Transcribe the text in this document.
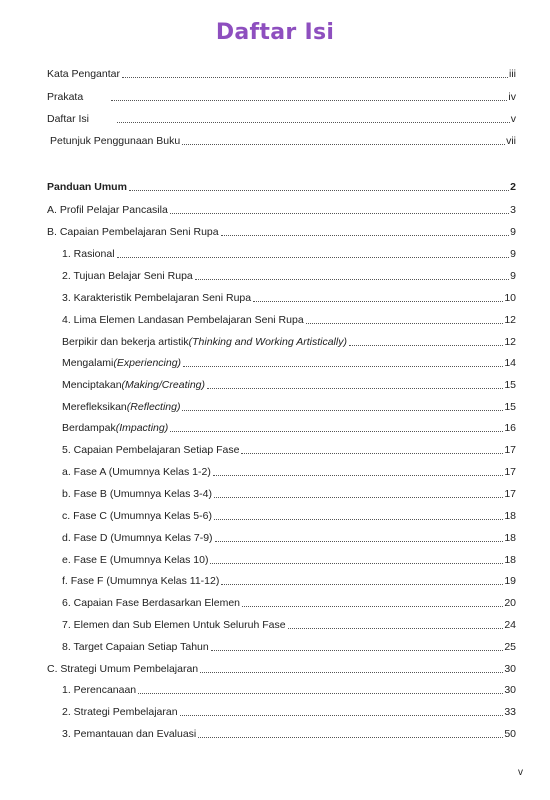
Daftar Isi
Kata Pengantar	iii
Prakata	iv
Daftar Isi	v
Petunjuk Penggunaan Buku	vii
Panduan Umum	2
A. Profil Pelajar Pancasila	3
B. Capaian Pembelajaran Seni Rupa	9
1. Rasional	9
2. Tujuan Belajar Seni Rupa	9
3. Karakteristik Pembelajaran Seni Rupa	10
4. Lima Elemen Landasan Pembelajaran Seni Rupa	12
Berpikir dan bekerja artistik (Thinking and Working Artistically)	12
Mengalami (Experiencing)	14
Menciptakan (Making/Creating)	15
Merefleksikan (Reflecting)	15
Berdampak (Impacting)	16
5. Capaian Pembelajaran Setiap Fase	17
a. Fase A (Umumnya Kelas 1-2)	17
b. Fase B (Umumnya Kelas 3-4)	17
c. Fase C (Umumnya Kelas 5-6)	18
d. Fase D (Umumnya Kelas 7-9)	18
e. Fase E (Umumnya Kelas 10)	18
f. Fase F (Umumnya Kelas 11-12)	19
6. Capaian Fase Berdasarkan Elemen	20
7. Elemen dan Sub Elemen Untuk Seluruh Fase	24
8. Target Capaian Setiap Tahun	25
C. Strategi Umum Pembelajaran	30
1. Perencanaan	30
2. Strategi Pembelajaran	33
3. Pemantauan dan Evaluasi	50
v
